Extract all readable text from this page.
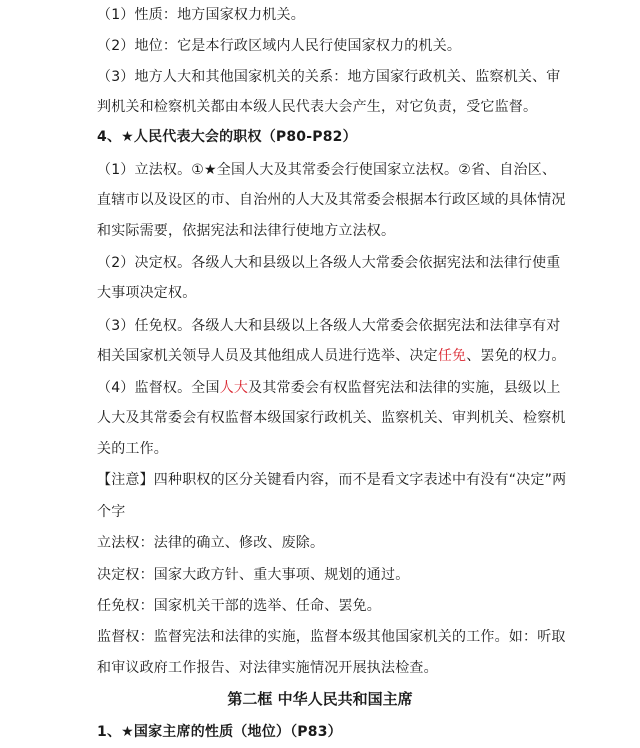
（1）性质：地方国家权力机关。
（2）地位：它是本行政区域内人民行使国家权力的机关。
（3）地方人大和其他国家机关的关系：地方国家行政机关、监察机关、审
判机关和检察机关都由本级人民代表大会产生，对它负责，受它监督。
4、★人民代表大会的职权（P80-P82）
（1）立法权。①★全国人大及其常委会行使国家立法权。②省、自治区、
直辖市以及设区的市、自治州的人大及其常委会根据本行政区域的具体情况
和实际需要，依据宪法和法律行使地方立法权。
（2）决定权。各级人大和县级以上各级人大常委会依据宪法和法律行使重
大事项决定权。
（3）任免权。各级人大和县级以上各级人大常委会依据宪法和法律享有对
相关国家机关领导人员及其他组成人员进行选举、决定任免、罢免的权力。
（4）监督权。全国人大及其常委会有权监督宪法和法律的实施，县级以上
人大及其常委会有权监督本级国家行政机关、监察机关、审判机关、检察机
关的工作。
【注意】四种职权的区分关键看内容，而不是看文字表述中有没有“决定”两
个字
立法权：法律的确立、修改、废除。
决定权：国家大政方针、重大事项、规划的通过。
任免权：国家机关干部的选举、任命、罢免。
监督权：监督宪法和法律的实施，监督本级其他国家机关的工作。如：听取
和审议政府工作报告、对法律实施情况开展执法检查。
第二框 中华人民共和国主席
1、★国家主席的性质（地位）（P83）
